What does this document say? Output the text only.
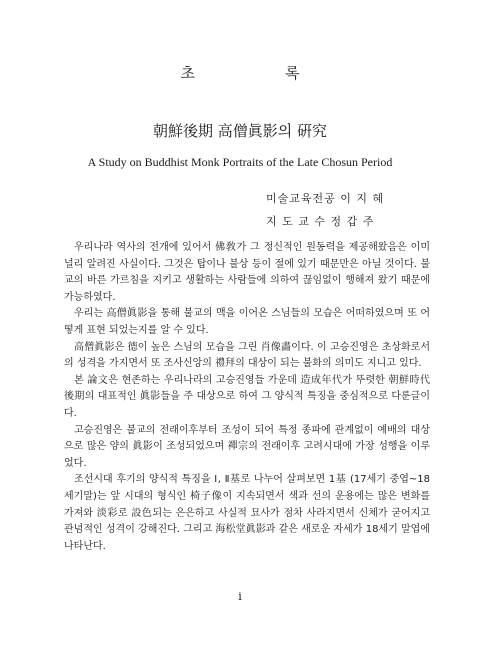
초	록
朝鮮後期 高僧眞影의 硏究
A Study on Buddhist Monk Portraits of the Late Chosun Period
미술교육전공 이 지 혜
지 도 교 수 정 갑 주

우리나라 역사의 전개에 있어서 佛敎가 그 정신적인 원동력을 제공해왔음은 이미 널리 알려진 사실이다. 그것은 탑이나 불상 등이 절에 있기 때문만은 아닐 것이다. 불교의 바른 가르침을 지키고 생활하는 사람들에 의하여 끊임없이 행해져 왔기 때문에 가능하였다.

우리는 高僧眞影을 통해 불교의 맥을 이어온 스님들의 모습은 어떠하였으며 또 어떻게 표현 되었는지를 알 수 있다.

高僧眞影은 德이 높은 스님의 모습을 그린 肖像畵이다. 이 고승진영은 초상화로서의 성격을 가지면서 또 조사신앙의 禮拜의 대상이 되는 불화의 의미도 지니고 있다.

본 論文은 현존하는 우리나라의 고승진영들 가운데 造成年代가 뚜렷한 朝鮮時代 後期의 대표적인 眞影들을 주 대상으로 하여 그 양식적 특징을 중심적으로 다룬글이다.

고승진영은 불교의 전래이후부터 조성이 되어 특정 종파에 관계없이 예배의 대상으로 많은 양의 眞影이 조성되었으며 禪宗의 전래이후 고려시대에 가장 성행을 이루었다.

조선시대 후기의 양식적 특징을 Ⅰ, Ⅱ基로 나누어 살펴보면 1基 (17세기 중엽~18세기말)는 앞 시대의 형식인 椅子像이 지속되면서 색과 선의 운용에는 많은 변화를 가져와 淡彩로 設色되는 은은하고 사실적 묘사가 점차 사라지면서 신체가 굳어지고 관념적인 성격이 강해진다. 그리고 海松堂眞影과 같은 새로운 자세가 18세기 말엽에 나타난다.

i
